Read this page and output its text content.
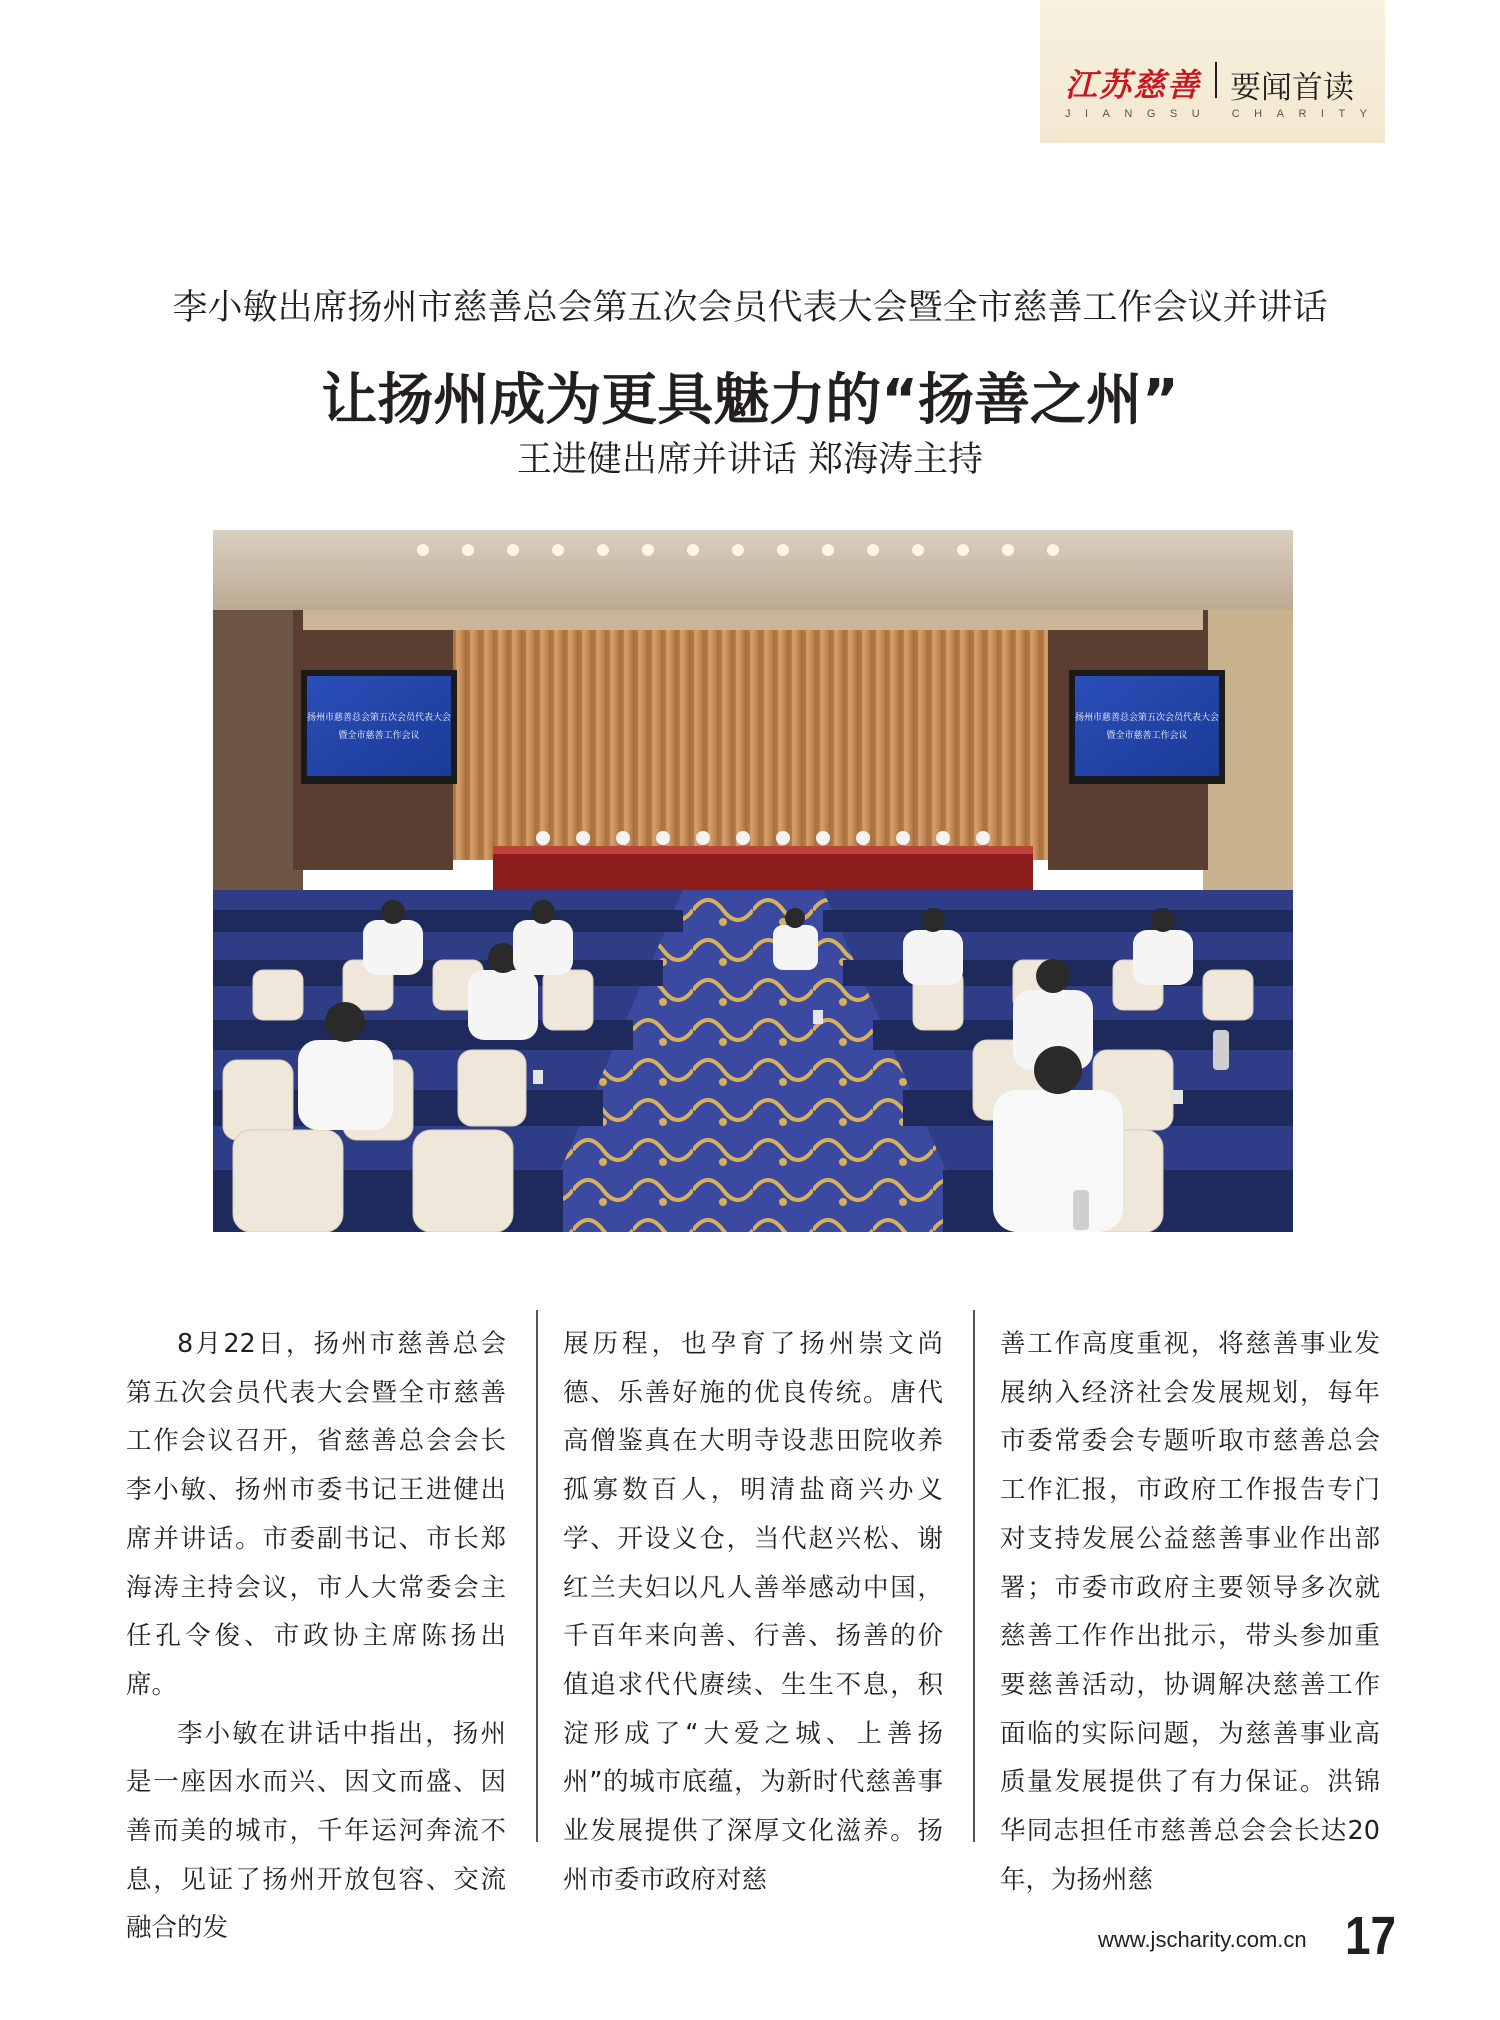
江苏慈善 要闻首读
JIANGSU CHARITY
李小敏出席扬州市慈善总会第五次会员代表大会暨全市慈善工作会议并讲话
让扬州成为更具魅力的“扬善之州”
王进健出席并讲话 郑海涛主持
扬州市慈善总会第五次会员代表大会
暨全市慈善工作会议
扬州市慈善总会第五次会员代表大会
暨全市慈善工作会议

8月22日，扬州市慈善总会第五次会员代表大会暨全市慈善工作会议召开，省慈善总会会长李小敏、扬州市委书记王进健出席并讲话。市委副书记、市长郑海涛主持会议，市人大常委会主任孔令俊、市政协主席陈扬出席。

李小敏在讲话中指出，扬州是一座因水而兴、因文而盛、因善而美的城市，千年运河奔流不息，见证了扬州开放包容、交流融合的发

展历程，也孕育了扬州崇文尚德、乐善好施的优良传统。唐代高僧鉴真在大明寺设悲田院收养孤寡数百人，明清盐商兴办义学、开设义仓，当代赵兴松、谢红兰夫妇以凡人善举感动中国，千百年来向善、行善、扬善的价值追求代代赓续、生生不息，积淀形成了“大爱之城、上善扬州”的城市底蕴，为新时代慈善事业发展提供了深厚文化滋养。扬州市委市政府对慈

善工作高度重视，将慈善事业发展纳入经济社会发展规划，每年市委常委会专题听取市慈善总会工作汇报，市政府工作报告专门对支持发展公益慈善事业作出部署；市委市政府主要领导多次就慈善工作作出批示，带头参加重要慈善活动，协调解决慈善工作面临的实际问题，为慈善事业高质量发展提供了有力保证。洪锦华同志担任市慈善总会会长达20年，为扬州慈

www.jscharity.com.cn 17
